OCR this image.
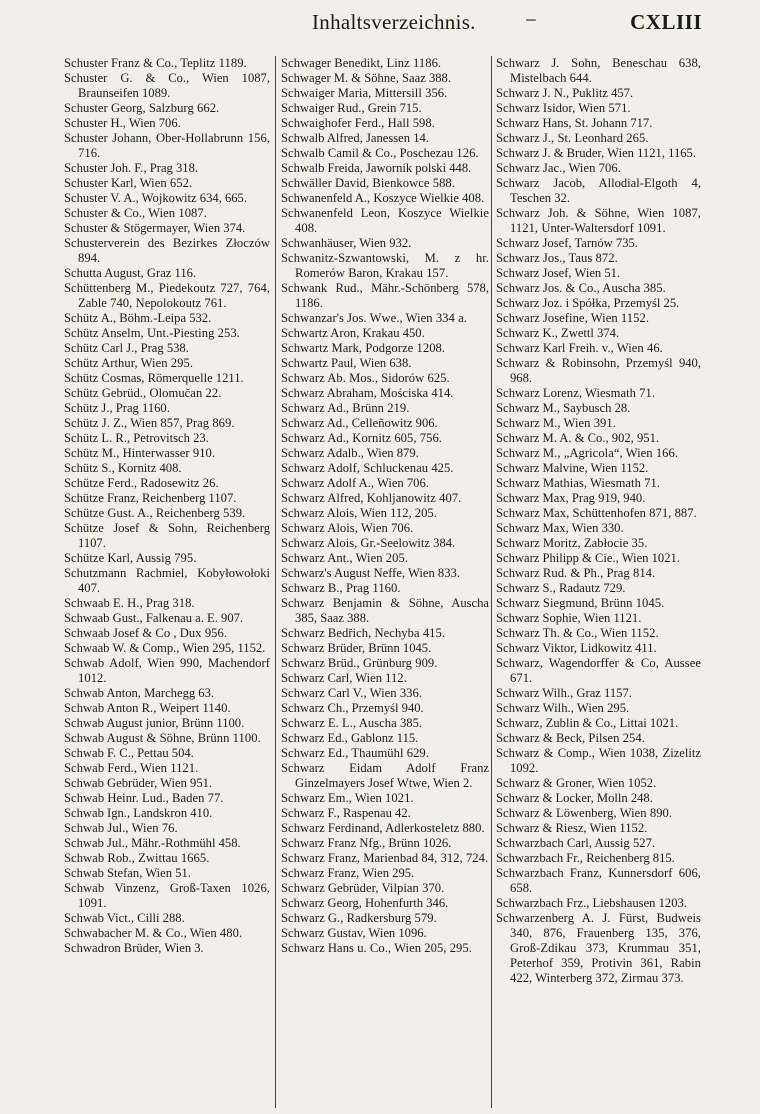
Inhaltsverzeichnis. −	CXLIII

Schuster Franz & Co., Teplitz 1189.

Schuster G. & Co., Wien 1087, Braunseifen 1089.

Schuster Georg, Salzburg 662.

Schuster H., Wien 706.

Schuster Johann, Ober-Hollabrunn 156, 716.

Schuster Joh. F., Prag 318.

Schuster Karl, Wien 652.

Schuster V. A., Wojkowitz 634, 665.

Schuster & Co., Wien 1087.

Schuster & Stögermayer, Wien 374.

Schusterverein des Bezirkes Złoczów 894.

Schutta August, Graz 116.

Schüttenberg M., Piedekoutz 727, 764, Zable 740, Nepolokoutz 761.

Schütz A., Böhm.-Leipa 532.

Schütz Anselm, Unt.-Piesting 253.

Schütz Carl J., Prag 538.

Schütz Arthur, Wien 295.

Schütz Cosmas, Römerquelle 1211.

Schütz Gebrüd., Olomučan 22.

Schütz J., Prag 1160.

Schütz J. Z., Wien 857, Prag 869.

Schütz L. R., Petrovitsch 23.

Schütz M., Hinterwasser 910.

Schütz S., Kornitz 408.

Schütze Ferd., Radosewitz 26.

Schütze Franz, Reichenberg 1107.

Schütze Gust. A., Reichenberg 539.

Schütze Josef & Sohn, Reichenberg 1107.

Schütze Karl, Aussig 795.

Schutzmann Rachmiel, Kobyłowołoki 407.

Schwaab E. H., Prag 318.

Schwaab Gust., Falkenau a. E. 907.

Schwaab Josef & Co , Dux 956.

Schwaab W. & Comp., Wien 295, 1152.

Schwab Adolf, Wien 990, Machendorf 1012.

Schwab Anton, Marchegg 63.

Schwab Anton R., Weipert 1140.

Schwab August junior, Brünn 1100.

Schwab August & Söhne, Brünn 1100.

Schwab F. C., Pettau 504.

Schwab Ferd., Wien 1121.

Schwab Gebrüder, Wien 951.

Schwab Heinr. Lud., Baden 77.

Schwab Ign., Landskron 410.

Schwab Jul., Wien 76.

Schwab Jul., Mähr.-Rothmühl 458.

Schwab Rob., Zwittau 1665.

Schwab Stefan, Wien 51.

Schwab Vinzenz, Groß-Taxen 1026, 1091.

Schwab Vict., Cilli 288.

Schwabacher M. & Co., Wien 480.

Schwadron Brüder, Wien 3.

Schwager Benedikt, Linz 1186.

Schwager M. & Söhne, Saaz 388.

Schwaiger Maria, Mittersill 356.

Schwaiger Rud., Grein 715.

Schwaighofer Ferd., Hall 598.

Schwalb Alfred, Janessen 14.

Schwalb Camil & Co., Poschezau 126.

Schwalb Freida, Jaworník polski 448.

Schwäller David, Bienkowce 588.

Schwanenfeld A., Koszyce Wielkie 408.

Schwanenfeld Leon, Koszyce Wielkie 408.

Schwanhäuser, Wien 932.

Schwanitz-Szwantowski, M. z hr. Romerów Baron, Krakau 157.

Schwank Rud., Mähr.-Schönberg 578, 1186.

Schwanzar's Jos. Wwe., Wien 334 a.

Schwartz Aron, Krakau 450.

Schwartz Mark, Podgorze 1208.

Schwartz Paul, Wien 638.

Schwarz Ab. Mos., Sidorów 625.

Schwarz Abraham, Mościska 414.

Schwarz Ad., Brünn 219.

Schwarz Ad., Celleñowitz 906.

Schwarz Ad., Kornitz 605, 756.

Schwarz Adalb., Wien 879.

Schwarz Adolf, Schluckenau 425.

Schwarz Adolf A., Wien 706.

Schwarz Alfred, Kohljanowitz 407.

Schwarz Alois, Wien 112, 205.

Schwarz Alois, Wien 706.

Schwarz Alois, Gr.-Seelowitz 384.

Schwarz Ant., Wien 205.

Schwarz's August Neffe, Wien 833.

Schwarz B., Prag 1160.

Schwarz Benjamin & Söhne, Auscha 385, Saaz 388.

Schwarz Bedřich, Nechyba 415.

Schwarz Brüder, Brünn 1045.

Schwarz Brüd., Grünburg 909.

Schwarz Carl, Wien 112.

Schwarz Carl V., Wien 336.

Schwarz Ch., Przemyśl 940.

Schwarz E. L., Auscha 385.

Schwarz Ed., Gablonz 115.

Schwarz Ed., Thaumühl 629.

Schwarz Eidam Adolf Franz Ginzelmayers Josef Wtwe, Wien 2.

Schwarz Em., Wien 1021.

Schwarz F., Raspenau 42.

Schwarz Ferdinand, Adlerkosteletz 880.

Schwarz Franz Nfg., Brünn 1026.

Schwarz Franz, Marienbad 84, 312, 724.

Schwarz Franz, Wien 295.

Schwarz Gebrüder, Vilpian 370.

Schwarz Georg, Hohenfurth 346.

Schwarz G., Radkersburg 579.

Schwarz Gustav, Wien 1096.

Schwarz Hans u. Co., Wien 205, 295.

Schwarz J. Sohn, Beneschau 638, Mistelbach 644.

Schwarz J. N., Puklitz 457.

Schwarz Isidor, Wien 571.

Schwarz Hans, St. Johann 717.

Schwarz J., St. Leonhard 265.

Schwarz J. & Bruder, Wien 1121, 1165.

Schwarz Jac., Wien 706.

Schwarz Jacob, Allodial-Elgoth 4, Teschen 32.

Schwarz Joh. & Söhne, Wien 1087, 1121, Unter-Waltersdorf 1091.

Schwarz Josef, Tarnów 735.

Schwarz Jos., Taus 872.

Schwarz Josef, Wien 51.

Schwarz Jos. & Co., Auscha 385.

Schwarz Joz. i Spółka, Przemyśl 25.

Schwarz Josefine, Wien 1152.

Schwarz K., Zwettl 374.

Schwarz Karl Freih. v., Wien 46.

Schwarz & Robinsohn, Przemyśl 940, 968.

Schwarz Lorenz, Wiesmath 71.

Schwarz M., Saybusch 28.

Schwarz M., Wien 391.

Schwarz M. A. & Co., 902, 951.

Schwarz M., „Agricola“, Wien 166.

Schwarz Malvine, Wien 1152.

Schwarz Mathias, Wiesmath 71.

Schwarz Max, Prag 919, 940.

Schwarz Max, Schüttenhofen 871, 887.

Schwarz Max, Wien 330.

Schwarz Moritz, Zabłocie 35.

Schwarz Philipp & Cie., Wien 1021.

Schwarz Rud. & Ph., Prag 814.

Schwarz S., Radautz 729.

Schwarz Siegmund, Brünn 1045.

Schwarz Sophie, Wien 1121.

Schwarz Th. & Co., Wien 1152.

Schwarz Viktor, Lidkowitz 411.

Schwarz, Wagendorffer & Co, Aussee 671.

Schwarz Wilh., Graz 1157.

Schwarz Wilh., Wien 295.

Schwarz, Zublin & Co., Littai 1021.

Schwarz & Beck, Pilsen 254.

Schwarz & Comp., Wien 1038, Zizelitz 1092.

Schwarz & Groner, Wien 1052.

Schwarz & Locker, Molln 248.

Schwarz & Löwenberg, Wien 890.

Schwarz & Riesz, Wien 1152.

Schwarzbach Carl, Aussig 527.

Schwarzbach Fr., Reichenberg 815.

Schwarzbach Franz, Kunnersdorf 606, 658.

Schwarzbach Frz., Liebshausen 1203.

Schwarzenberg A. J. Fürst, Budweis 340, 876, Frauenberg 135, 376, Groß-Zdikau 373, Krummau 351, Peterhof 359, Protivin 361, Rabin 422, Winterberg 372, Zirmau 373.
